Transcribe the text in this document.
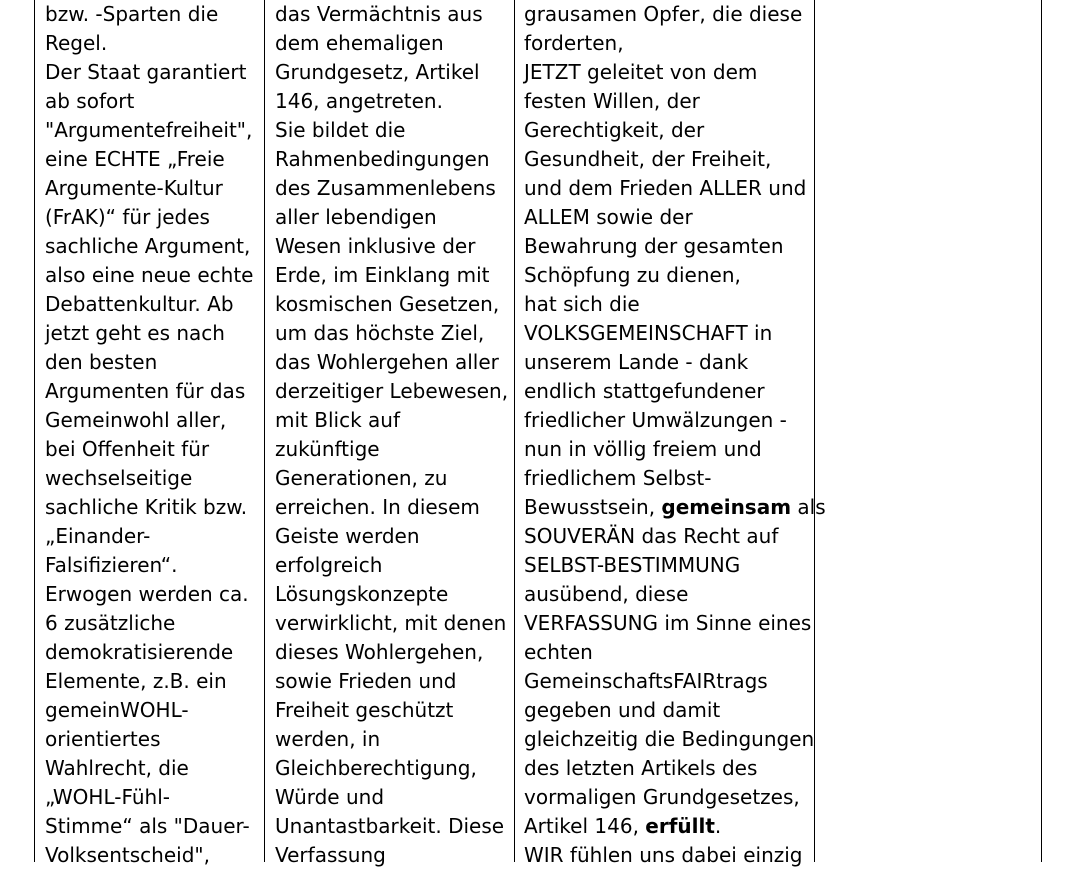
bzw. -Sparten die
Regel.
Der Staat garantiert
ab sofort
"Argumentefreiheit",
eine ECHTE „Freie
Argumente-Kultur
(FrAK)“ für jedes
sachliche Argument,
also eine neue echte
Debattenkultur. Ab
jetzt geht es nach
den besten
Argumenten für das
Gemeinwohl aller,
bei Offenheit für
wechselseitige
sachliche Kritik bzw.
„Einander-
Falsifizieren“.
Erwogen werden ca.
6 zusätzliche
demokratisierende
Elemente, z.B. ein
gemeinWOHL-
orientiertes
Wahlrecht, die
„WOHL-Fühl-
Stimme“ als "Dauer-
Volksentscheid",
das Vermächtnis aus
dem ehemaligen
Grundgesetz, Artikel
146, angetreten.
Sie bildet die
Rahmenbedingungen
des Zusammenlebens
aller lebendigen
Wesen inklusive der
Erde, im Einklang mit
kosmischen Gesetzen,
um das höchste Ziel,
das Wohlergehen aller
derzeitiger Lebewesen,
mit Blick auf
zukünftige
Generationen, zu
erreichen. In diesem
Geiste werden
erfolgreich
Lösungskonzepte
verwirklicht, mit denen
dieses Wohlergehen,
sowie Frieden und
Freiheit geschützt
werden, in
Gleichberechtigung,
Würde und
Unantastbarkeit. Diese
Verfassung
grausamen Opfer, die diese
forderten,
JETZT geleitet von dem
festen Willen, der
Gerechtigkeit, der
Gesundheit, der Freiheit,
und dem Frieden ALLER und
ALLEM sowie der
Bewahrung der gesamten
Schöpfung zu dienen,
hat sich die
VOLKSGEMEINSCHAFT in
unserem Lande - dank
endlich stattgefundener
friedlicher Umwälzungen -
nun in völlig freiem und
friedlichem Selbst-
Bewusstsein, gemeinsam als
SOUVERÄN das Recht auf
SELBST-BESTIMMUNG
ausübend, diese
VERFASSUNG im Sinne eines
echten
GemeinschaftsFAIRtrags
gegeben und damit
gleichzeitig die Bedingungen
des letzten Artikels des
vormaligen Grundgesetzes,
Artikel 146, erfüllt.
WIR fühlen uns dabei einzig
